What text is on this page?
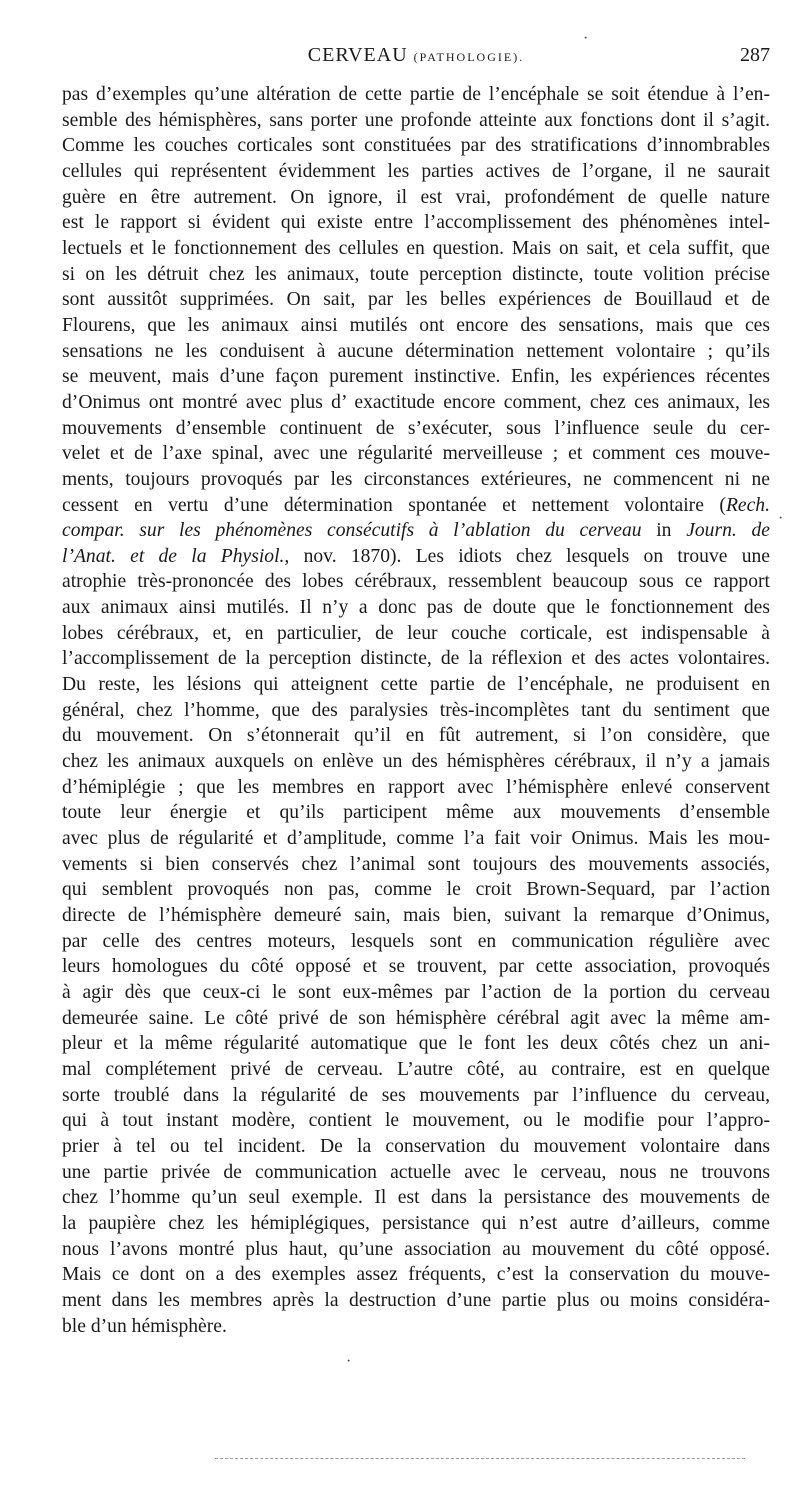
CERVEAU (PATHOLOGIE).	287
pas d’exemples qu’une altération de cette partie de l’encéphale se soit étendue à l’en-
semble des hémisphères, sans porter une profonde atteinte aux fonctions dont il s’agit.
Comme les couches corticales sont constituées par des stratifications d’innombrables
cellules qui représentent évidemment les parties actives de l’organe, il ne saurait
guère en être autrement. On ignore, il est vrai, profondément de quelle nature
est le rapport si évident qui existe entre l’accomplissement des phénomènes intel-
lectuels et le fonctionnement des cellules en question. Mais on sait, et cela suffit, que
si on les détruit chez les animaux, toute perception distincte, toute volition précise
sont aussitôt supprimées. On sait, par les belles expériences de Bouillaud et de
Flourens, que les animaux ainsi mutilés ont encore des sensations, mais que ces
sensations ne les conduisent à aucune détermination nettement volontaire ; qu’ils
se meuvent, mais d’une façon purement instinctive. Enfin, les expériences récentes
d’Onimus ont montré avec plus d’ exactitude encore comment, chez ces animaux, les
mouvements d’ensemble continuent de s’exécuter, sous l’influence seule du cer-
velet et de l’axe spinal, avec une régularité merveilleuse ; et comment ces mouve-
ments, toujours provoqués par les circonstances extérieures, ne commencent ni ne
cessent en vertu d’une détermination spontanée et nettement volontaire (Rech.
compar. sur les phénomènes consécutifs à l’ablation du cerveau in Journ. de
l’Anat. et de la Physiol., nov. 1870). Les idiots chez lesquels on trouve une
atrophie très-prononcée des lobes cérébraux, ressemblent beaucoup sous ce rapport
aux animaux ainsi mutilés. Il n’y a donc pas de doute que le fonctionnement des
lobes cérébraux, et, en particulier, de leur couche corticale, est indispensable à
l’accomplissement de la perception distincte, de la réflexion et des actes volontaires.
Du reste, les lésions qui atteignent cette partie de l’encéphale, ne produisent en
général, chez l’homme, que des paralysies très-incomplètes tant du sentiment que
du mouvement. On s’étonnerait qu’il en fût autrement, si l’on considère, que
chez les animaux auxquels on enlève un des hémisphères cérébraux, il n’y a jamais
d’hémiplégie ; que les membres en rapport avec l’hémisphère enlevé conservent
toute leur énergie et qu’ils participent même aux mouvements d’ensemble
avec plus de régularité et d’amplitude, comme l’a fait voir Onimus. Mais les mou-
vements si bien conservés chez l’animal sont toujours des mouvements associés,
qui semblent provoqués non pas, comme le croit Brown-Sequard, par l’action
directe de l’hémisphère demeuré sain, mais bien, suivant la remarque d’Onimus,
par celle des centres moteurs, lesquels sont en communication régulière avec
leurs homologues du côté opposé et se trouvent, par cette association, provoqués
à agir dès que ceux-ci le sont eux-mêmes par l’action de la portion du cerveau
demeurée saine. Le côté privé de son hémisphère cérébral agit avec la même am-
pleur et la même régularité automatique que le font les deux côtés chez un ani-
mal complétement privé de cerveau. L’autre côté, au contraire, est en quelque
sorte troublé dans la régularité de ses mouvements par l’influence du cerveau,
qui à tout instant modère, contient le mouvement, ou le modifie pour l’appro-
prier à tel ou tel incident. De la conservation du mouvement volontaire dans
une partie privée de communication actuelle avec le cerveau, nous ne trouvons
chez l’homme qu’un seul exemple. Il est dans la persistance des mouvements de
la paupière chez les hémiplégiques, persistance qui n’est autre d’ailleurs, comme
nous l’avons montré plus haut, qu’une association au mouvement du côté opposé.
Mais ce dont on a des exemples assez fréquents, c’est la conservation du mouve-
ment dans les membres après la destruction d’une partie plus ou moins considéra-
ble d’un hémisphère.
·
·
·
